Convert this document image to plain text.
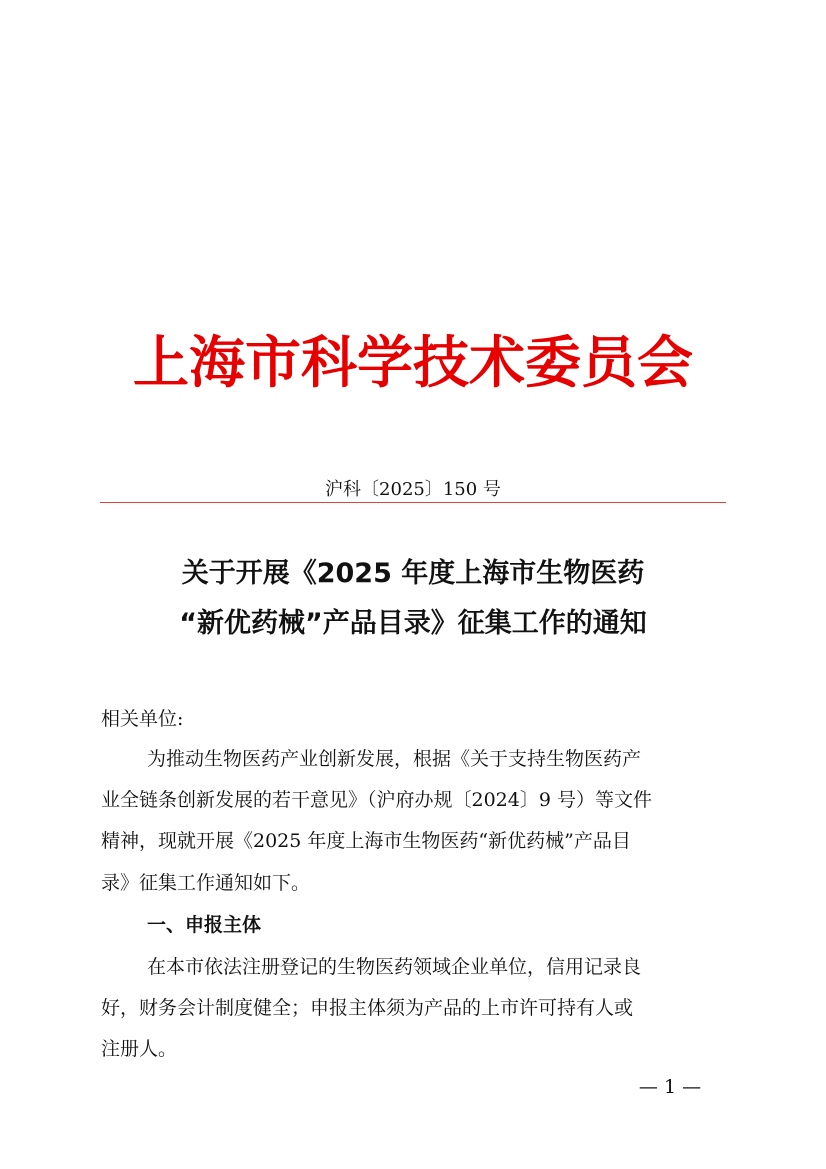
上海市科学技术委员会
沪科〔2025〕150 号
关于开展《2025 年度上海市生物医药
“新优药械”产品目录》征集工作的通知
相关单位:
为推动生物医药产业创新发展，根据《关于支持生物医药产
业全链条创新发展的若干意见》（沪府办规〔2024〕9 号）等文件
精神，现就开展《2025 年度上海市生物医药“新优药械”产品目
录》征集工作通知如下。
一、申报主体
在本市依法注册登记的生物医药领域企业单位，信用记录良
好，财务会计制度健全；申报主体须为产品的上市许可持有人或
注册人。
— 1 —
